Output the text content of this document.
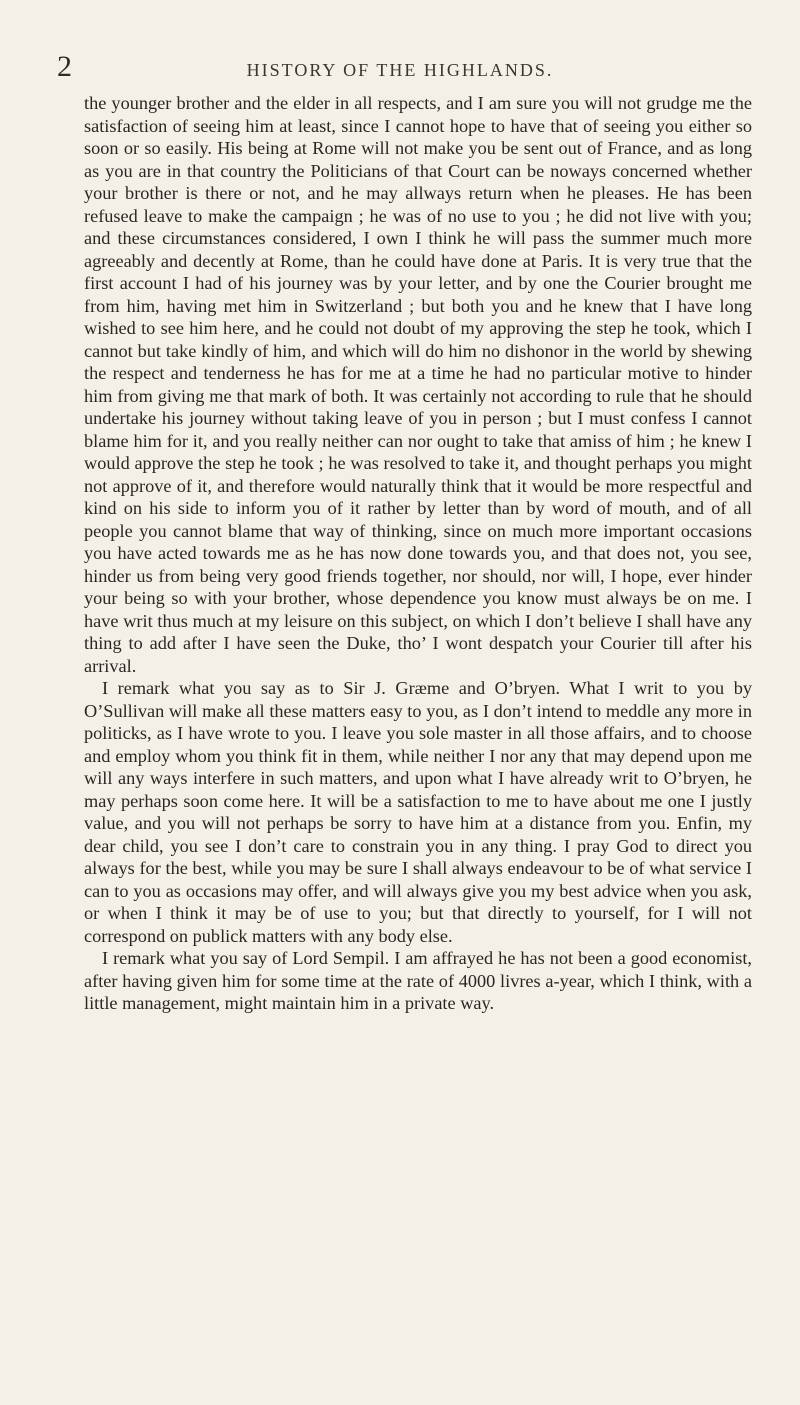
2	HISTORY OF THE HIGHLANDS.

the younger brother and the elder in all respects, and I am sure you will not grudge me the satisfaction of seeing him at least, since I cannot hope to have that of seeing you either so soon or so easily. His being at Rome will not make you be sent out of France, and as long as you are in that country the Politicians of that Court can be noways concerned whether your brother is there or not, and he may allways return when he pleases. He has been refused leave to make the campaign ; he was of no use to you ; he did not live with you; and these circumstances considered, I own I think he will pass the summer much more agreeably and decently at Rome, than he could have done at Paris. It is very true that the first account I had of his journey was by your letter, and by one the Courier brought me from him, having met him in Switzerland ; but both you and he knew that I have long wished to see him here, and he could not doubt of my approving the step he took, which I cannot but take kindly of him, and which will do him no dishonor in the world by shewing the respect and tenderness he has for me at a time he had no particular motive to hinder him from giving me that mark of both. It was certainly not according to rule that he should undertake his journey without taking leave of you in person ; but I must confess I cannot blame him for it, and you really neither can nor ought to take that amiss of him ; he knew I would approve the step he took ; he was resolved to take it, and thought perhaps you might not approve of it, and therefore would naturally think that it would be more respectful and kind on his side to inform you of it rather by letter than by word of mouth, and of all people you cannot blame that way of thinking, since on much more important occasions you have acted towards me as he has now done towards you, and that does not, you see, hinder us from being very good friends together, nor should, nor will, I hope, ever hinder your being so with your brother, whose dependence you know must always be on me. I have writ thus much at my leisure on this subject, on which I don’t believe I shall have any thing to add after I have seen the Duke, tho’ I wont despatch your Courier till after his arrival.

I remark what you say as to Sir J. Græme and O’bryen. What I writ to you by O’Sullivan will make all these matters easy to you, as I don’t intend to meddle any more in politicks, as I have wrote to you. I leave you sole master in all those affairs, and to choose and employ whom you think fit in them, while neither I nor any that may depend upon me will any ways interfere in such matters, and upon what I have already writ to O’bryen, he may perhaps soon come here. It will be a satisfaction to me to have about me one I justly value, and you will not perhaps be sorry to have him at a distance from you. Enfin, my dear child, you see I don’t care to constrain you in any thing. I pray God to direct you always for the best, while you may be sure I shall always endeavour to be of what service I can to you as occasions may offer, and will always give you my best advice when you ask, or when I think it may be of use to you; but that directly to yourself, for I will not correspond on publick matters with any body else.

I remark what you say of Lord Sempil. I am affrayed he has not been a good economist, after having given him for some time at the rate of 4000 livres a-year, which I think, with a little management, might maintain him in a private way.
